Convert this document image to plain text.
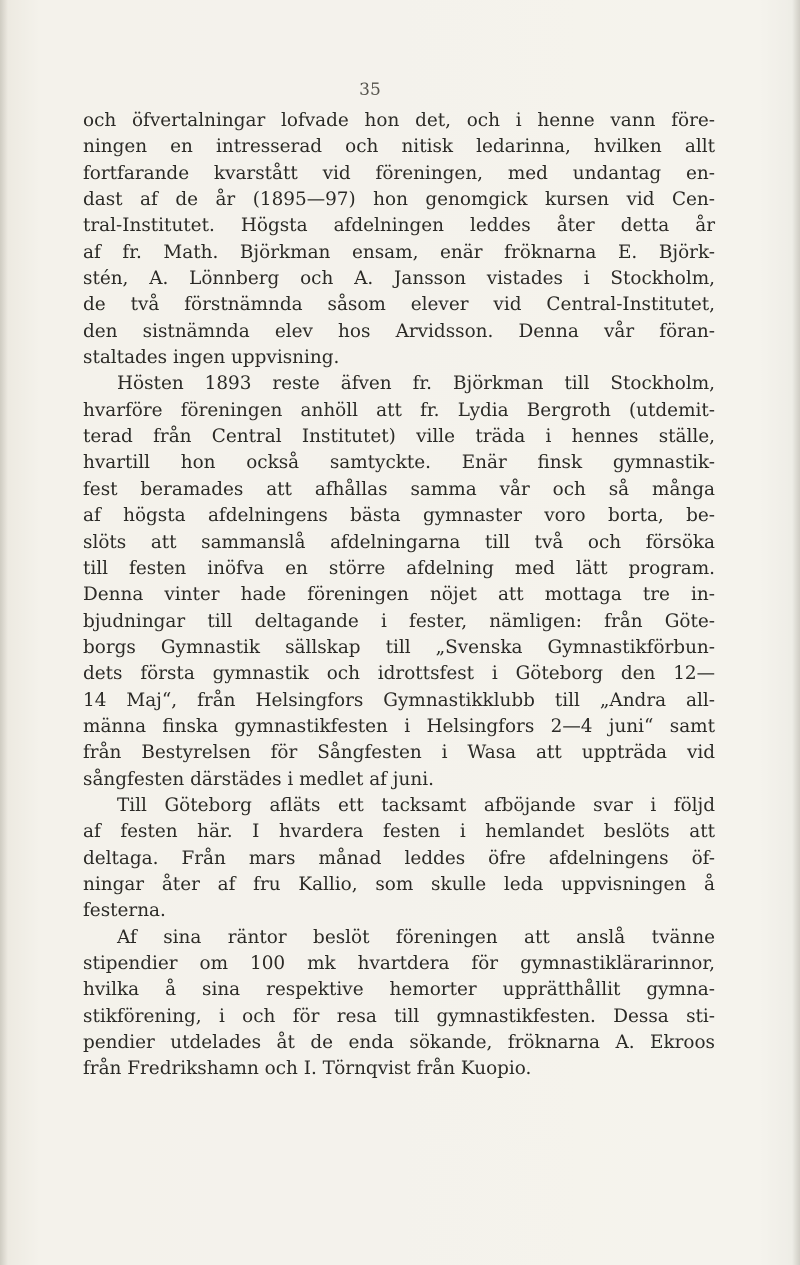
35
och öfvertalningar lofvade hon det, och i henne vann före-
ningen en intresserad och nitisk ledarinna, hvilken allt
fortfarande kvarstått vid föreningen, med undantag en-
dast af de år (1895—97) hon genomgick kursen vid Cen-
tral-Institutet. Högsta afdelningen leddes åter detta år
af fr. Math. Björkman ensam, enär fröknarna E. Björk-
stén, A. Lönnberg och A. Jansson vistades i Stockholm,
de två förstnämnda såsom elever vid Central-Institutet,
den sistnämnda elev hos Arvidsson. Denna vår föran-
staltades ingen uppvisning.
Hösten 1893 reste äfven fr. Björkman till Stockholm,
hvarföre föreningen anhöll att fr. Lydia Bergroth (utdemit-
terad från Central Institutet) ville träda i hennes ställe,
hvartill hon också samtyckte. Enär finsk gymnastik-
fest beramades att afhållas samma vår och så många
af högsta afdelningens bästa gymnaster voro borta, be-
slöts att sammanslå afdelningarna till två och försöka
till festen inöfva en större afdelning med lätt program.
Denna vinter hade föreningen nöjet att mottaga tre in-
bjudningar till deltagande i fester, nämligen: från Göte-
borgs Gymnastik sällskap till „Svenska Gymnastikförbun-
dets första gymnastik och idrottsfest i Göteborg den 12—
14 Maj“, från Helsingfors Gymnastikklubb till „Andra all-
männa finska gymnastikfesten i Helsingfors 2—4 juni“ samt
från Bestyrelsen för Sångfesten i Wasa att uppträda vid
sångfesten därstädes i medlet af juni.
Till Göteborg afläts ett tacksamt afböjande svar i följd
af festen här. I hvardera festen i hemlandet beslöts att
deltaga. Från mars månad leddes öfre afdelningens öf-
ningar åter af fru Kallio, som skulle leda uppvisningen å
festerna.
Af sina räntor beslöt föreningen att anslå tvänne
stipendier om 100 mk hvartdera för gymnastiklärarinnor,
hvilka å sina respektive hemorter upprätthållit gymna-
stikförening, i och för resa till gymnastikfesten. Dessa sti-
pendier utdelades åt de enda sökande, fröknarna A. Ekroos
från Fredrikshamn och I. Törnqvist från Kuopio.
